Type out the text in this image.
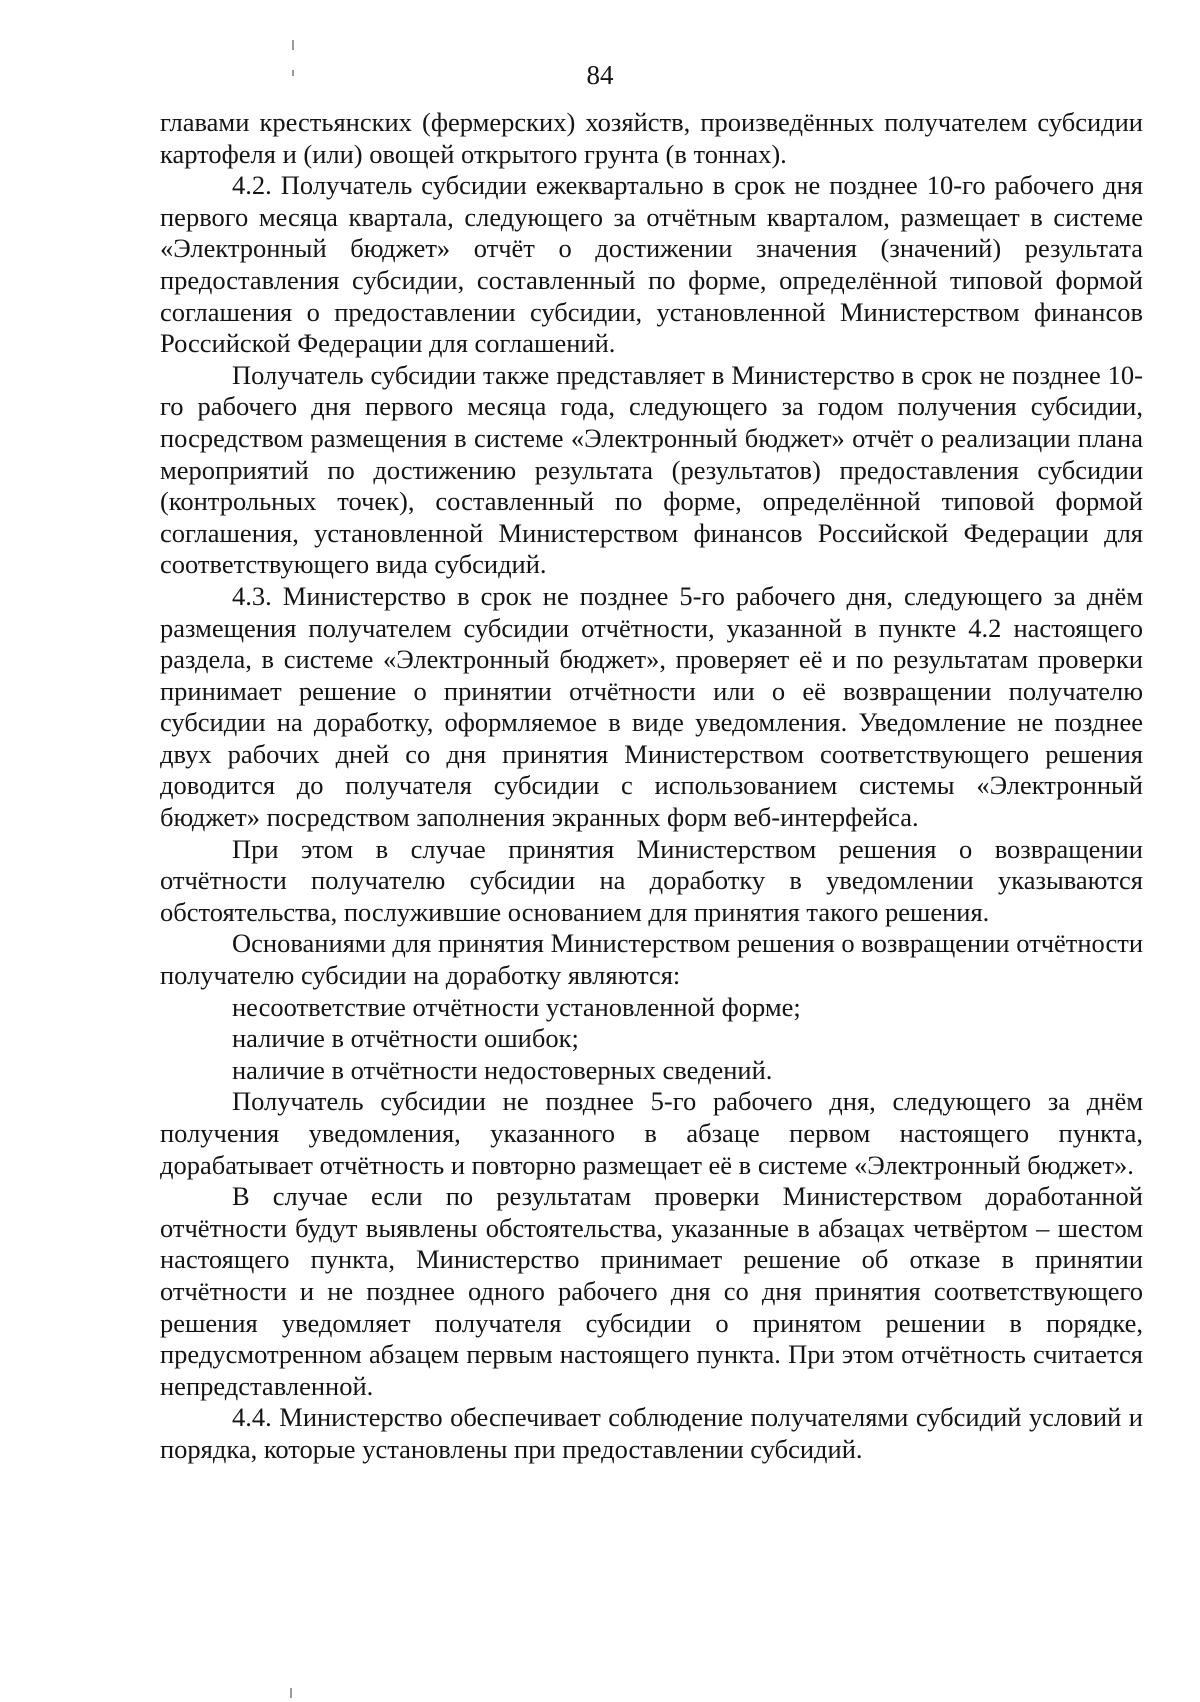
84

главами крестьянских (фермерских) хозяйств, произведённых получателем субсидии картофеля и (или) овощей открытого грунта (в тоннах).

4.2. Получатель субсидии ежеквартально в срок не позднее 10-го рабочего дня первого месяца квартала, следующего за отчётным кварталом, размещает в системе «Электронный бюджет» отчёт о достижении значения (значений) результата предоставления субсидии, составленный по форме, определённой типовой формой соглашения о предоставлении субсидии, установленной Министерством финансов Российской Федерации для соглашений.

Получатель субсидии также представляет в Министерство в срок не позднее 10-го рабочего дня первого месяца года, следующего за годом получения субсидии, посредством размещения в системе «Электронный бюджет» отчёт о реализации плана мероприятий по достижению результата (результатов) предоставления субсидии (контрольных точек), составленный по форме, определённой типовой формой соглашения, установленной Министерством финансов Российской Федерации для соответствующего вида субсидий.

4.3. Министерство в срок не позднее 5-го рабочего дня, следующего за днём размещения получателем субсидии отчётности, указанной в пункте 4.2 настоящего раздела, в системе «Электронный бюджет», проверяет её и по результатам проверки принимает решение о принятии отчётности или о её возвращении получателю субсидии на доработку, оформляемое в виде уведомления. Уведомление не позднее двух рабочих дней со дня принятия Министерством соответствующего решения доводится до получателя субсидии с использованием системы «Электронный бюджет» посредством заполнения экранных форм веб-интерфейса.

При этом в случае принятия Министерством решения о возвращении отчётности получателю субсидии на доработку в уведомлении указываются обстоятельства, послужившие основанием для принятия такого решения.

Основаниями для принятия Министерством решения о возвращении отчётности получателю субсидии на доработку являются:

несоответствие отчётности установленной форме;

наличие в отчётности ошибок;

наличие в отчётности недостоверных сведений.

Получатель субсидии не позднее 5-го рабочего дня, следующего за днём получения уведомления, указанного в абзаце первом настоящего пункта, дорабатывает отчётность и повторно размещает её в системе «Электронный бюджет».

В случае если по результатам проверки Министерством доработанной отчётности будут выявлены обстоятельства, указанные в абзацах четвёртом – шестом настоящего пункта, Министерство принимает решение об отказе в принятии отчётности и не позднее одного рабочего дня со дня принятия соответствующего решения уведомляет получателя субсидии о принятом решении в порядке, предусмотренном абзацем первым настоящего пункта. При этом отчётность считается непредставленной.

4.4. Министерство обеспечивает соблюдение получателями субсидий условий и порядка, которые установлены при предоставлении субсидий.
